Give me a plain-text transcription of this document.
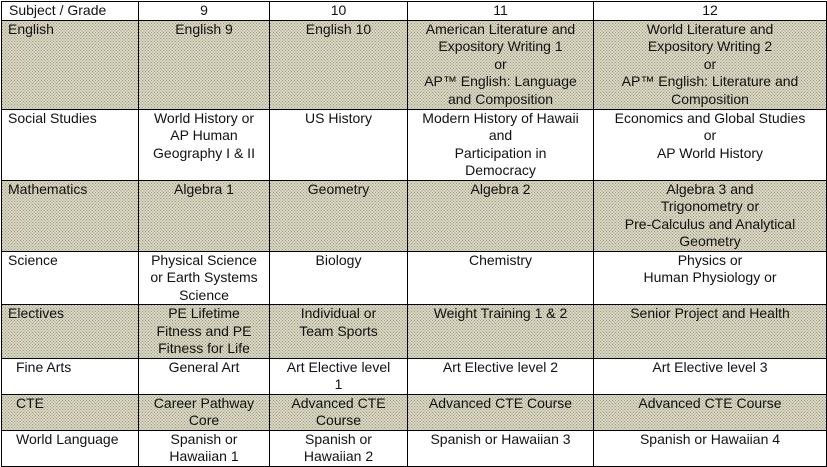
Subject / Grade	9	10	11	12

English	English 9	English 10	American Literature and
Expository Writing 1
or
AP™ English: Language
and Composition	World Literature and
Expository Writing 2
or
AP™ English: Literature and
Composition

Social Studies	World History or
AP Human
Geography I & II	US History	Modern History of Hawaii
and
Participation in
Democracy	Economics and Global Studies
or
AP World History

Mathematics	Algebra 1	Geometry	Algebra 2	Algebra 3 and
Trigonometry or
Pre-Calculus and Analytical
Geometry

Science	Physical Science
or Earth Systems
Science	Biology	Chemistry	Physics or
Human Physiology or

Electives	PE Lifetime
Fitness and PE
Fitness for Life	Individual or
Team Sports	Weight Training 1 & 2	Senior Project and Health

Fine Arts	General Art	Art Elective level
1	Art Elective level 2	Art Elective level 3

CTE	Career Pathway
Core	Advanced CTE
Course	Advanced CTE Course	Advanced CTE Course

World Language	Spanish or
Hawaiian 1	Spanish or
Hawaiian 2	Spanish or Hawaiian 3	Spanish or Hawaiian 4
